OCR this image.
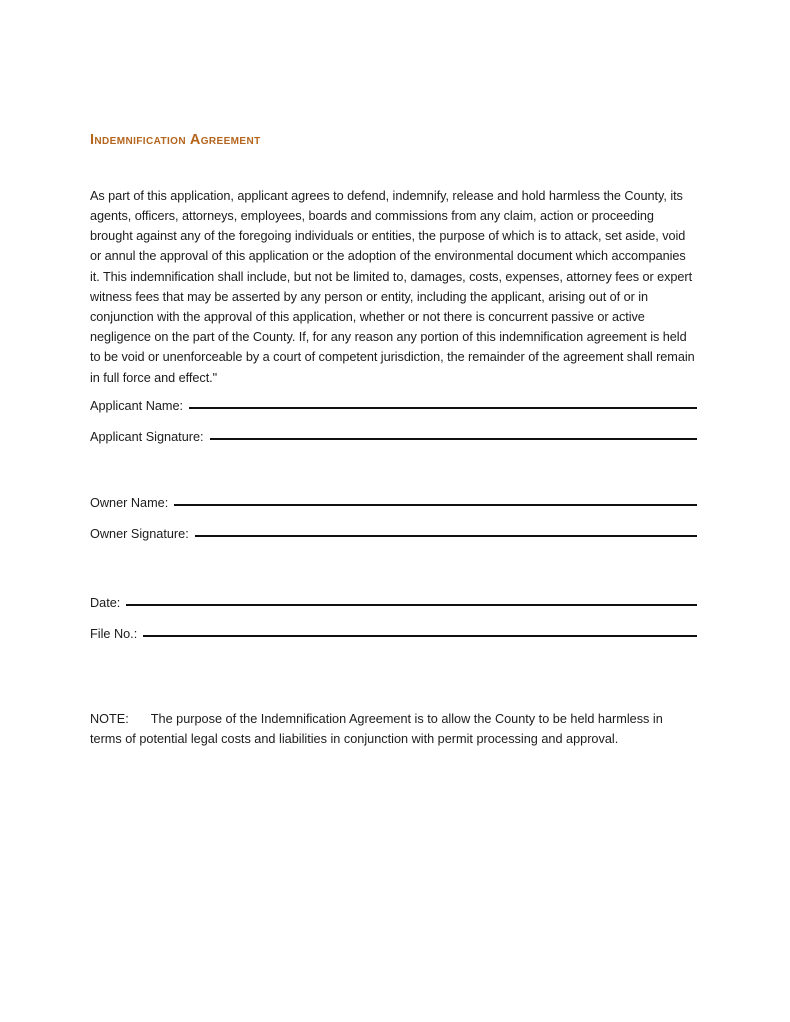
Indemnification Agreement

As part of this application, applicant agrees to defend, indemnify, release and hold harmless the County, its agents, officers, attorneys, employees, boards and commissions from any claim, action or proceeding brought against any of the foregoing individuals or entities, the purpose of which is to attack, set aside, void or annul the approval of this application or the adoption of the environmental document which accompanies it. This indemnification shall include, but not be limited to, damages, costs, expenses, attorney fees or expert witness fees that may be asserted by any person or entity, including the applicant, arising out of or in conjunction with the approval of this application, whether or not there is concurrent passive or active negligence on the part of the County. If, for any reason any portion of this indemnification agreement is held to be void or unenforceable by a court of competent jurisdiction, the remainder of the agreement shall remain in full force and effect."

Applicant Name:
Applicant Signature:
Owner Name:
Owner Signature:
Date:
File No.:

NOTE: The purpose of the Indemnification Agreement is to allow the County to be held harmless in terms of potential legal costs and liabilities in conjunction with permit processing and approval.
